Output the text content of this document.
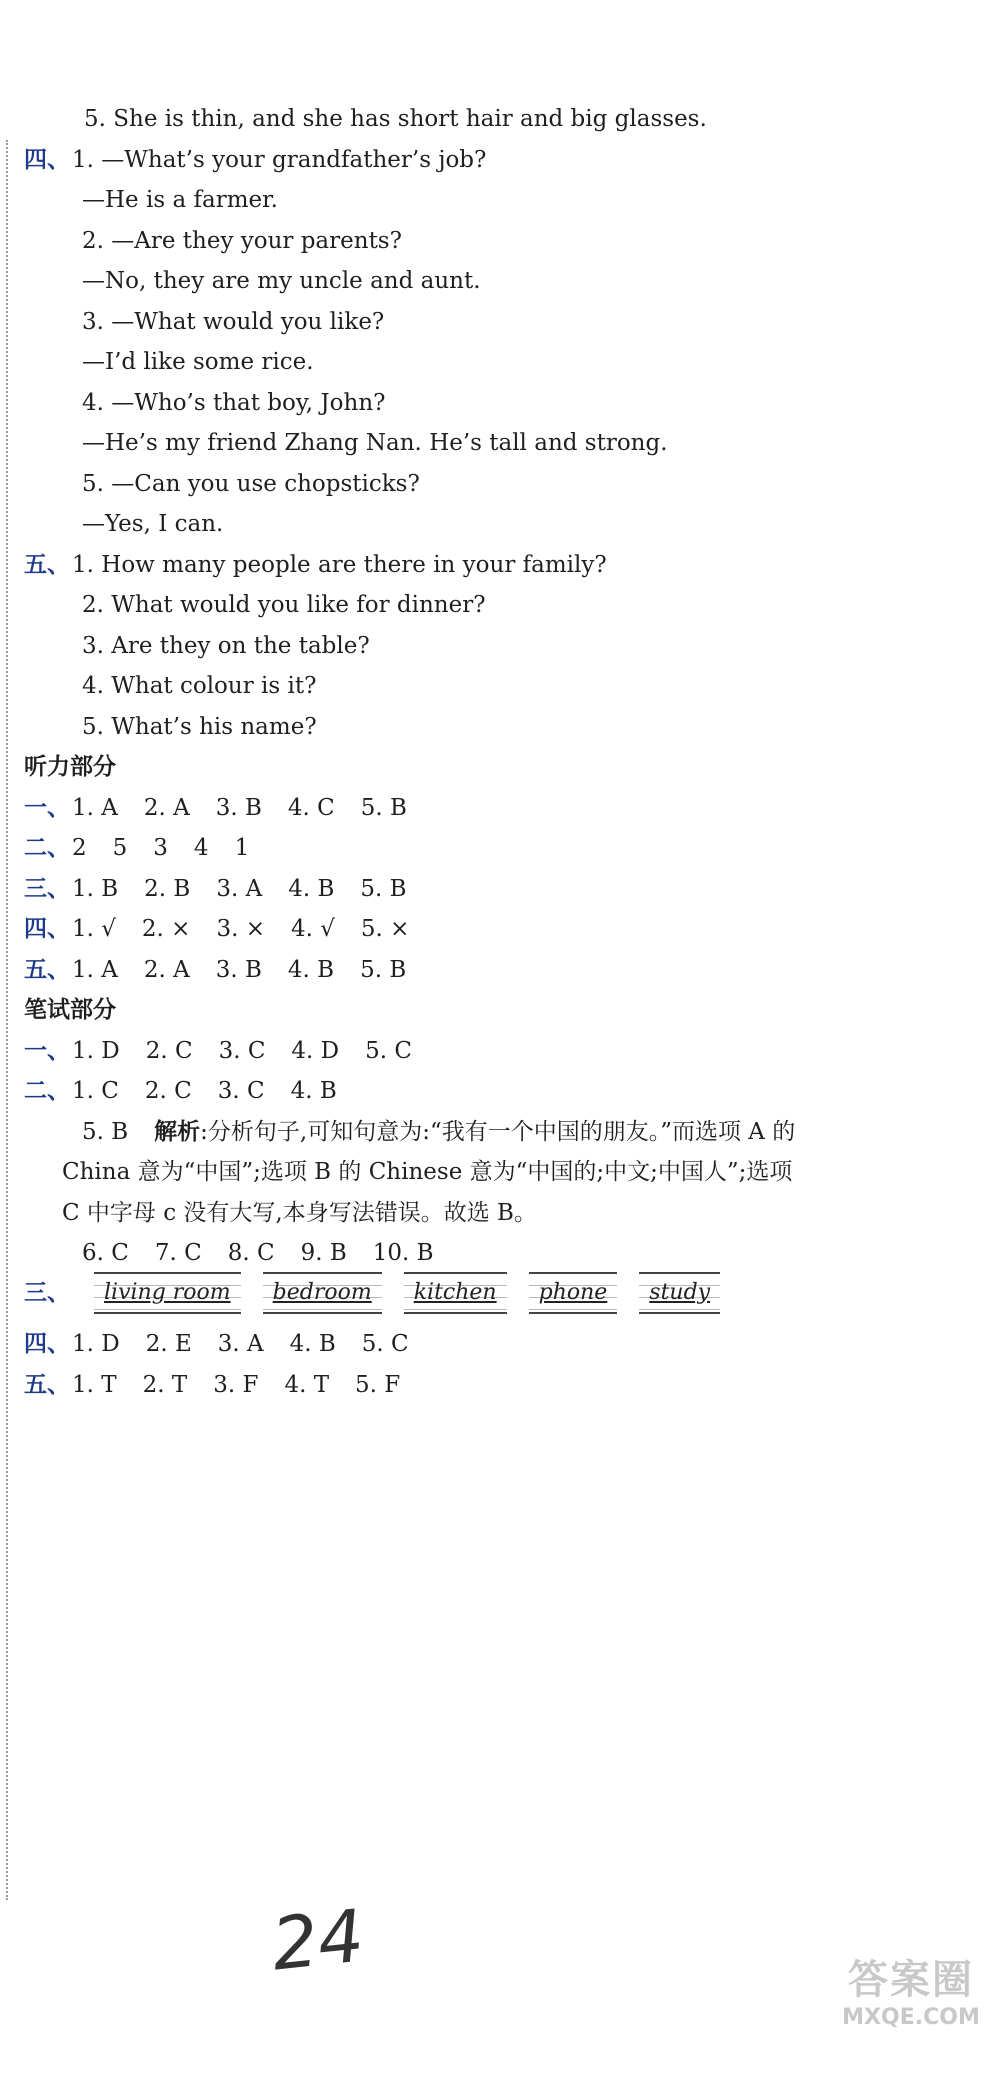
5. She is thin, and she has short hair and big glasses.
四、1. —What’s your grandfather’s job?
—He is a farmer.
2. —Are they your parents?
—No, they are my uncle and aunt.
3. —What would you like?
—I’d like some rice.
4. —Who’s that boy, John?
—He’s my friend Zhang Nan. He’s tall and strong.
5. —Can you use chopsticks?
—Yes, I can.
五、1. How many people are there in your family?
2. What would you like for dinner?
3. Are they on the table?
4. What colour is it?
5. What’s his name?
听力部分
一、1. A 2. A 3. B 4. C 5. B
二、2 5 3 4 1
三、1. B 2. B 3. A 4. B 5. B
四、1. √ 2. × 3. × 4. √ 5. ×
五、1. A 2. A 3. B 4. B 5. B
笔试部分
一、1. D 2. C 3. C 4. D 5. C
二、1. C 2. C 3. C 4. B
5. B 解析:分析句子,可知句意为:“我有一个中国的朋友。”而选项 A 的
China 意为“中国”;选项 B 的 Chinese 意为“中国的;中文;中国人”;选项
C 中字母 c 没有大写,本身写法错误。故选 B。
6. C 7. C 8. C 9. B 10. B
三、	living room	bedroom	kitchen	phone	study
四、1. D 2. E 3. A 4. B 5. C
五、1. T 2. T 3. F 4. T 5. F
24	答案圈
MXQE.COM
